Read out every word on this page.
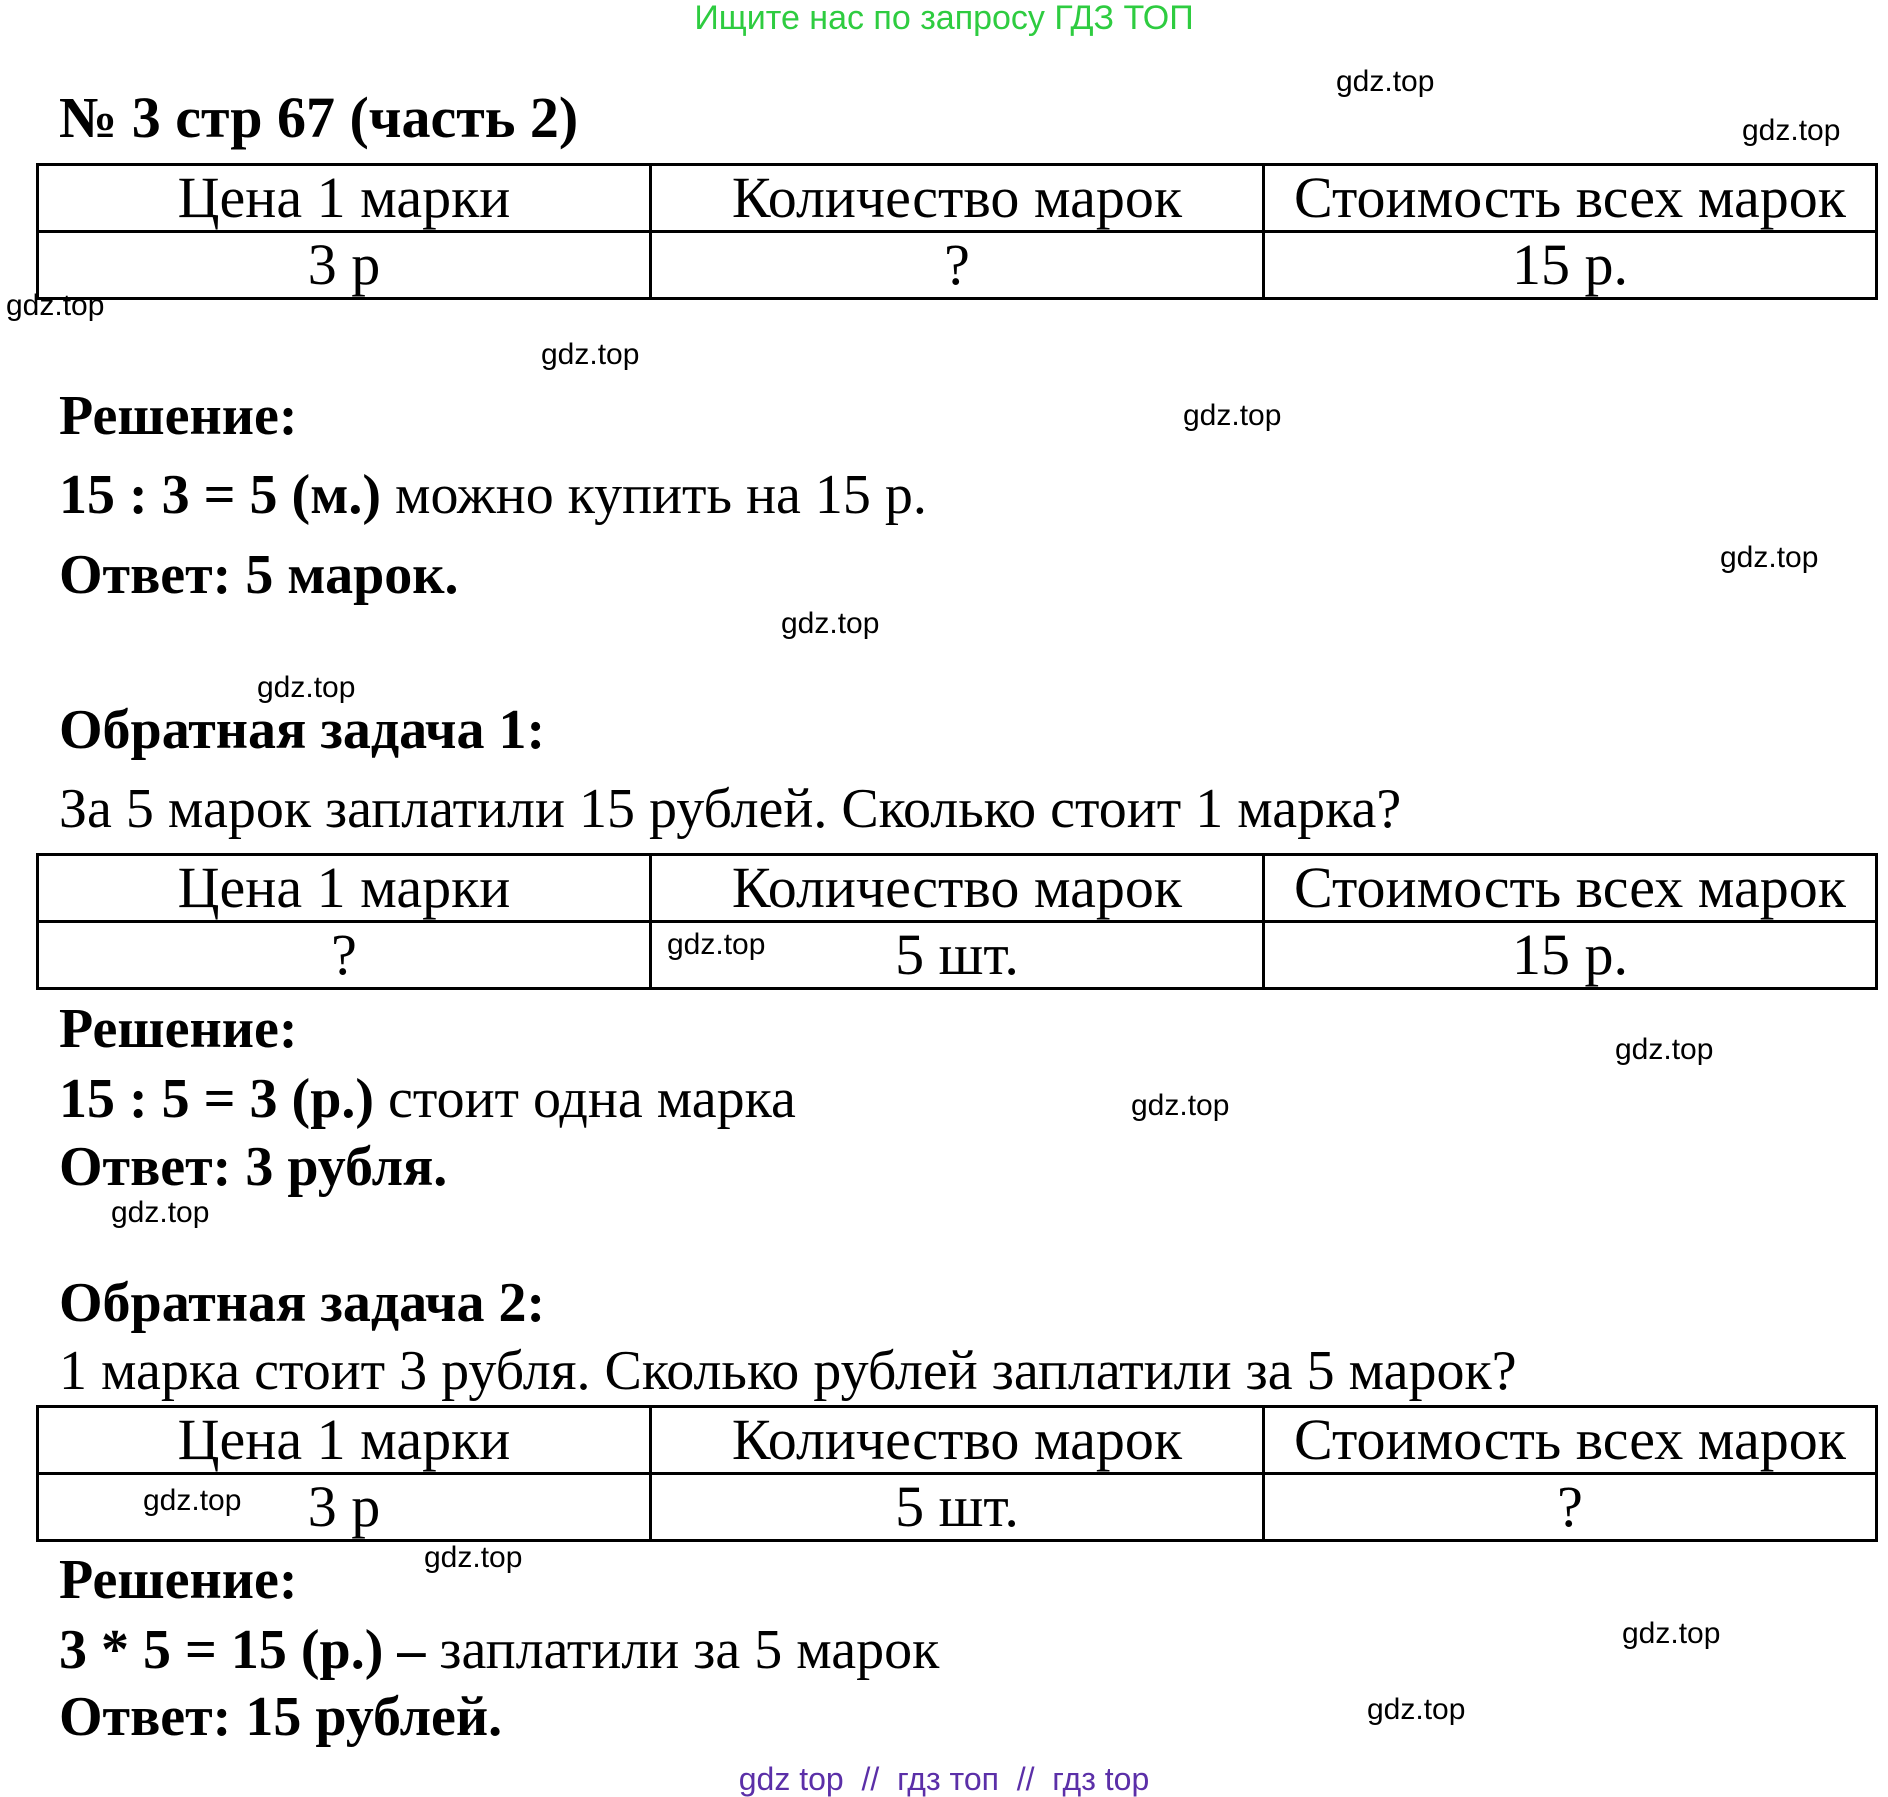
Ищите нас по запросу ГДЗ ТОП
№ 3 стр 67 (часть 2)
Цена 1 марки	Количество марок	Стоимость всех марок
3 р	?	15 р.
Решение:
15 : 3 = 5 (м.) можно купить на 15 р.
Ответ: 5 марок.
Обратная задача 1:
За 5 марок заплатили 15 рублей. Сколько стоит 1 марка?
Цена 1 марки	Количество марок	Стоимость всех марок
?	5 шт.	15 р.
Решение:
15 : 5 = 3 (р.) стоит одна марка
Ответ: 3 рубля.
Обратная задача 2:
1 марка стоит 3 рубля. Сколько рублей заплатили за 5 марок?
Цена 1 марки	Количество марок	Стоимость всех марок
3 р	5 шт.	?
Решение:
3 * 5 = 15 (р.) – заплатили за 5 марок
Ответ: 15 рублей.
gdz.top
gdz.top
gdz.top
gdz.top
gdz.top
gdz.top
gdz.top
gdz.top
gdz.top
gdz.top
gdz.top
gdz.top
gdz.top
gdz.top
gdz.top
gdz.top
gdz top  //  гдз топ  //  гдз top
